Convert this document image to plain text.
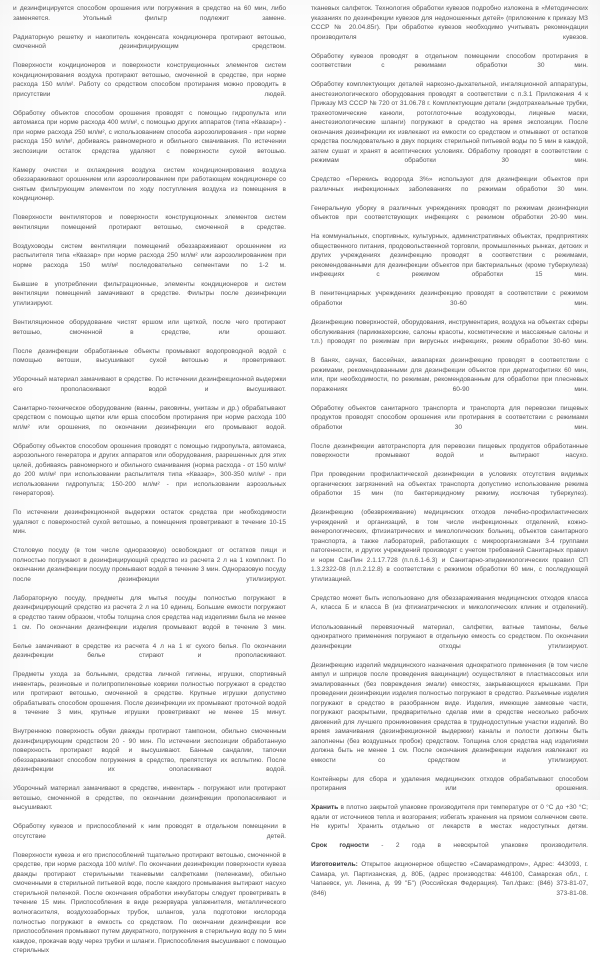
и дезинфицируется способом орошения или погружения в средство на 60 мин, либо заменяется. Угольный фильтр подлежит замене.

Радиаторную решетку и накопитель конденсата кондиционера протирают ветошью, смоченной дезинфицирующим средством.

Поверхности кондиционеров и поверхности конструкционных элементов систем кондиционирования воздуха протирают ветошью, смоченной в средстве, при норме расхода 150 мл/м². Работу со средством способом протирания можно проводить в присутствии людей.

Обработку объектов способом орошения проводят с помощью гидропульта или автомакса при норме расхода 400 мл/м², с помощью других аппаратов (типа «Квазар») - при норме расхода 250 мл/м², с использованием способа аэрозолирования - при норме расхода 150 мл/м², добиваясь равномерного и обильного смачивания. По истечении экспозиции остаток средства удаляют с поверхности сухой ветошью.

Камеру очистки и охлаждения воздуха систем кондиционирования воздуха обеззараживают орошением или аэрозолированием при работающем кондиционере со снятым фильтрующим элементом по ходу поступления воздуха из помещения в кондиционер.

Поверхности вентиляторов и поверхности конструкционных элементов систем вентиляции помещений протирают ветошью, смоченной в средстве.

Воздуховоды систем вентиляции помещений обеззараживают орошением из распылителя типа «Квазар» при норме расхода 250 мл/м² или аэрозолированием при норме расхода 150 мл/м² последовательно сегментами по 1-2 м.

Бывшие в употреблении фильтрационные, элементы кондиционеров и систем вентиляции помещений замачивают в средстве. Фильтры после дезинфекции утилизируют.

Вентиляционное оборудование чистят ершом или щеткой, после чего протирают ветошью, смоченной в средстве, или орошают.

После дезинфекции обработанные объекты промывают водопроводной водой с помощью ветоши, высушивают сухой ветошью и проветривают.

Уборочный материал замачивают в средстве. По истечении дезинфекционной выдержки его прополаскивают водой и высушивают.

Санитарно-техническое оборудование (ванны, раковины, унитазы и др.) обрабатывают средством с помощью щетки или ерша способом протирания при норме расхода 100 мл/м² или орошения, по окончании дезинфекции его промывают водой.

Обработку объектов способом орошения проводят с помощью гидропульта, автомакса, аэрозольного генератора и других аппаратов или оборудования, разрешенных для этих целей, добиваясь равномерного и обильного смачивания (норма расхода - от 150 мл/м² до 200 мл/м² при использовании распылителя типа «Квазар», 300-350 мл/м² - при использовании гидропульта; 150-200 мл/м² - при использовании аэрозольных генераторов).

По истечении дезинфекционной выдержки остаток средства при необходимости удаляют с поверхностей сухой ветошью, а помещения проветривают в течение 10-15 мин.

Столовую посуду (в том числе одноразовую) освобождают от остатков пищи и полностью погружают в дезинфицирующий средство из расчета 2 л на 1 комплект. По окончании дезинфекции посуду промывают водой в течение 3 мин. Одноразовую посуду после дезинфекции утилизируют.

Лабораторную посуду, предметы для мытья посуды полностью погружают в дезинфицирующий средство из расчета 2 л на 10 единиц. Большие емкости погружают в средство таким образом, чтобы толщина слоя средства над изделиями была не менее 1 см. По окончании дезинфекции изделия промывают водой в течение 3 мин.

Белье замачивают в средстве из расчета 4 л на 1 кг сухого белья. По окончании дезинфекции белье стирают и прополаскивают.

Предметы ухода за больными, средства личной гигиены, игрушки, спортивный инвентарь, резиновые и полипропиленовые коврики полностью погружают в средство или протирают ветошью, смоченной в средстве. Крупные игрушки допустимо обрабатывать способом орошения. После дезинфекции их промывают проточной водой в течение 3 мин, крупные игрушки проветривают не менее 15 минут.

Внутреннюю поверхность обуви дважды протирают тампоном, обильно смоченным дезинфицирующим средством 20 - 90 мин. По истечении экспозиции обработанную поверхность протирают водой и высушивают. Банные сандалии, тапочки обеззараживают способом погружения в средство, препятствуя их всплытию. После дезинфекции их ополаскивают водой.

Уборочный материал замачивают в средстве, инвентарь - погружают или протирают ветошью, смоченной в средстве, по окончании дезинфекции прополаскивают и высушивают.

Обработку кувезов и приспособлений к ним проводят в отдельном помещении в отсутствие детей.

Поверхности кувеза и его приспособлений тщательно протирают ветошью, смоченной в средстве, при норме расхода 100 мл/м². По окончании дезинфекции поверхности кувеза дважды протирают стерильными тканевыми салфетками (пеленками), обильно смоченными в стерильной питьевой воде, после каждого промывания вытирают насухо стерильной пеленкой. После окончания обработки инкубаторы следует проветривать в течение 15 мин. Приспособления в виде резервуара увлажнителя, металлического волногасителя, воздухозаборных трубок, шлангов, узла подготовки кислорода полностью погружают в емкость со средством. По окончании дезинфекции все приспособления промывают путем двукратного, погружения в стерильную воду по 5 мин каждое, прокачав воду через трубки и шланги. Приспособления высушивают с помощью стерильных

тканевых салфеток. Технология обработки кувезов подробно изложена в «Методических указаниях по дезинфекции кувезов для недоношенных детей» (приложение к приказу МЗ СССР № 20.04.85г). При обработке кувезов необходимо учитывать рекомендации производителя кувезов.

Обработку кувезов проводят в отдельном помещении способом протирания в соответствии с режимами обработки 30 мин.

Обработку комплектующих деталей наркозно-дыхательной, ингаляционной аппаратуры, анестезиологического оборудования проводят в соответствии с п.3.1 Приложения 4 к Приказу МЗ СССР № 720 от 31.06.78 г. Комплектующие детали (эндотрахеальные трубки, трахеотомические канюли, ротоглоточные воздуховоды, лицевые маски, анестезиологические шланги) погружают в средство на время экспозиции. После окончания дезинфекции их извлекают из емкости со средством и отмывают от остатков средства последовательно в двух порциях стерильной питьевой воды по 5 мин в каждой, затем сушат и хранят в асептических условиях. Обработку проводят в соответствии с режимам обработки 30 мин.

Средство «Перекись водорода 3%» используют для дезинфекции объектов при различных инфекционных заболеваниях по режимам обработки 30 мин.

Генеральную уборку в различных учреждениях проводят по режимам дезинфекции объектов при соответствующих инфекциях с режимом обработки 20-90 мин.

На коммунальных, спортивных, культурных, административных объектах, предприятиях общественного питания, продовольственной торговли, промышленных рынках, детских и других учреждениях дезинфекцию проводят в соответствии с режимами, рекомендованными для дезинфекции объектов при бактериальных (кроме туберкулеза) инфекциях с режимом обработки 15 мин.

В пенитенциарных учреждениях дезинфекцию проводят в соответствии с режимом обработки 30-60 мин.

Дезинфекцию поверхностей, оборудования, инструментария, воздуха на объектах сферы обслуживания (парикмахерские, салоны красоты, косметические и массажные салоны и т.п.) проводят по режимам при вирусных инфекциях, режим обработки 30-60 мин.

В банях, саунах, бассейнах, аквапарках дезинфекцию проводят в соответствии с режимами, рекомендованными для дезинфекции объектов при дерматофитиях 60 мин, или, при необходимости, по режимам, рекомендованным для обработки при плесневых поражениях 60-90 мин.

Обработку объектов санитарного транспорта и транспорта для перевозки пищевых продуктов проводят способом орошения или протирания в соответствии с режимами обработки 30 мин.

После дезинфекции автотранспорта для перевозки пищевых продуктов обработанные поверхности промывают водой и вытирают насухо.

При проведении профилактической дезинфекции в условиях отсутствия видимых органических загрязнений на объектах транспорта допустимо использование режима обработки 15 мин (по бактерицидному режиму, исключая туберкулез).

Дезинфекцию (обезвреживание) медицинских отходов лечебно-профилактических учреждений и организаций, в том числе инфекционных отделений, кожно-венерологических, фтизиатрических и микологических больниц, объектов санитарного транспорта, а также лабораторий, работающих с микроорганизмами 3-4 группами патогенности, и других учреждений производят с учетом требований Санитарных правил и норм СанПин 2.1.17.728 (п.п.6.1-6.3) и Санитарно-эпидемиологических правил СП 1.3.2322-08 (п.п.2.12.8) в соответствии с режимом обработки 60 мин, с последующей утилизацией.

Средство может быть использовано для обеззараживания медицинских отходов класса А, класса Б и класса В (из фтизиатрических и микологических клиник и отделений).

Использованный перевязочный материал, салфетки, ватные тампоны, белье однократного применения погружают в отдельную емкость со средством. По окончании дезинфекции отходы утилизируют.

Дезинфекцию изделий медицинского назначения однократного применения (в том числе ампул и шприцов после проведения вакцинации) осуществляют в пластмассовых или эмалированных (без повреждения эмали) емкостях, закрывающихся крышками. При проведении дезинфекции изделия полностью погружают в средство. Разъемные изделия погружают в средство в разобранном виде. Изделия, имеющие замковые части, погружают раскрытыми, предварительно сделав ими в средстве несколько рабочих движений для лучшего проникновения средства в труднодоступные участки изделий. Во время замачивания (дезинфекционной выдержки) каналы и полости должны быть заполнены (без воздушных пробок) средством. Толщина слоя средства над изделиями должна быть не менее 1 см. После окончания дезинфекции изделия извлекают из емкости со средством и утилизируют.

Контейнеры для сбора и удаления медицинских отходов обрабатывают способом протирания или орошения.

Хранить в плотно закрытой упаковке производителя при температуре от 0 °С до +30 °С; вдали от источников тепла и возгорания; избегать хранения на прямом солнечном свете. Не курить! Хранить отдельно от лекарств в местах недоступных детям.

Срок годности - 2 года в невскрытой упаковке производителя.

Изготовитель: Открытое акционерное общество «Самарамедпром», Адрес: 443093, г. Самара, ул. Партизанская, д. 80Б, (адрес производства: 446100, Самарская обл., г. Чапаевск, ул. Ленина, д. 99 "Б") (Российская Федерация). Тел./факс: (846) 373-81-07, (846) 373-81-08.
